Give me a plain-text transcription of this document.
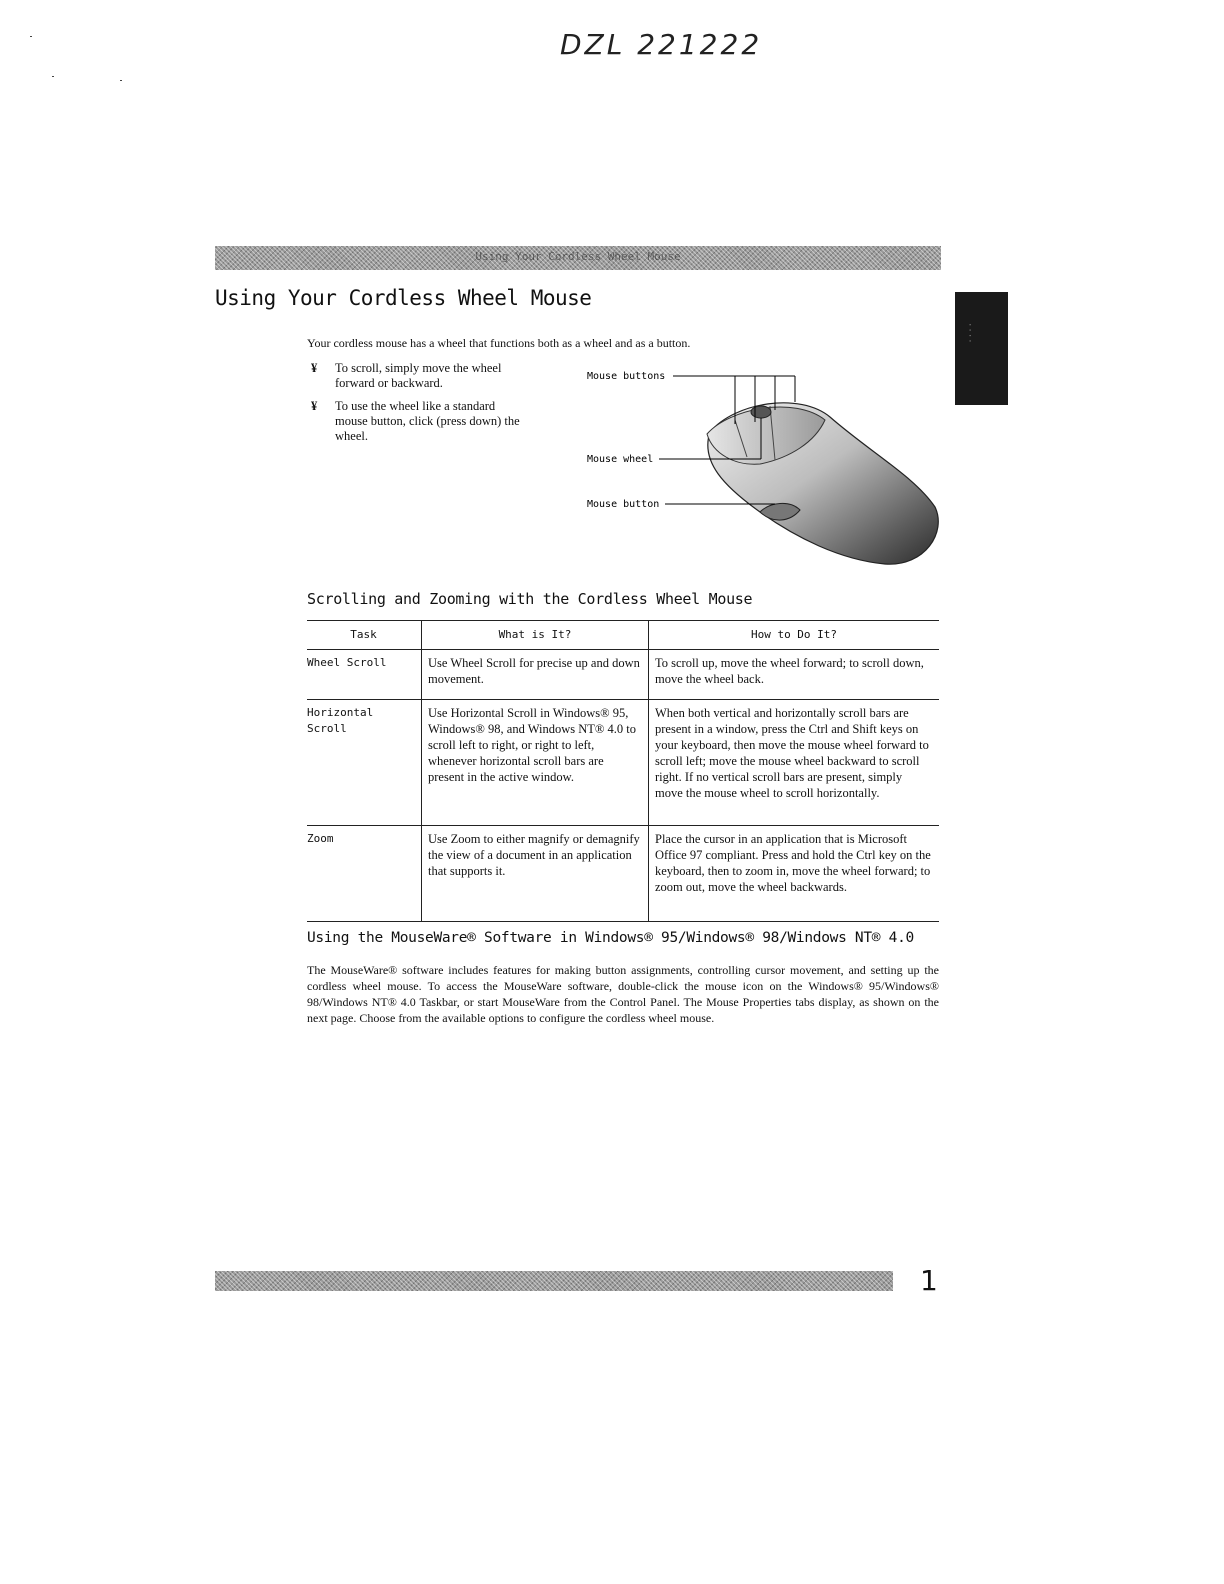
DZL 221222
Using Your Cordless Wheel Mouse
····
Using Your Cordless Wheel Mouse
Your cordless mouse has a wheel that functions both as a wheel and as a button.
¥ To scroll, simply move the wheel forward or backward.
¥ To use the wheel like a standard mouse button, click (press down) the wheel.
Mouse buttons
Mouse wheel
Mouse button
Scrolling and Zooming with the Cordless Wheel Mouse
Task	What is It?	How to Do It?
Wheel Scroll	Use Wheel Scroll for precise up and down movement.	To scroll up, move the wheel forward; to scroll down, move the wheel back.
Horizontal Scroll	Use Horizontal Scroll in Windows® 95, Windows® 98, and Windows NT® 4.0 to scroll left to right, or right to left, whenever horizontal scroll bars are present in the active window.	When both vertical and horizontally scroll bars are present in a window, press the Ctrl and Shift keys on your keyboard, then move the mouse wheel forward to scroll left; move the mouse wheel backward to scroll right. If no vertical scroll bars are present, simply move the mouse wheel to scroll horizontally.
Zoom	Use Zoom to either magnify or demagnify the view of a document in an application that supports it.	Place the cursor in an application that is Microsoft Office 97 compliant. Press and hold the Ctrl key on the keyboard, then to zoom in, move the wheel forward; to zoom out, move the wheel backwards.
Using the MouseWare® Software in Windows® 95/Windows® 98/Windows NT® 4.0
The MouseWare® software includes features for making button assignments, controlling cursor movement, and setting up the cordless wheel mouse. To access the MouseWare software, double-click the mouse icon on the Windows® 95/Windows® 98/Windows NT® 4.0 Taskbar, or start MouseWare from the Control Panel. The Mouse Properties tabs display, as shown on the next page. Choose from the available options to configure the cordless wheel mouse.
1
